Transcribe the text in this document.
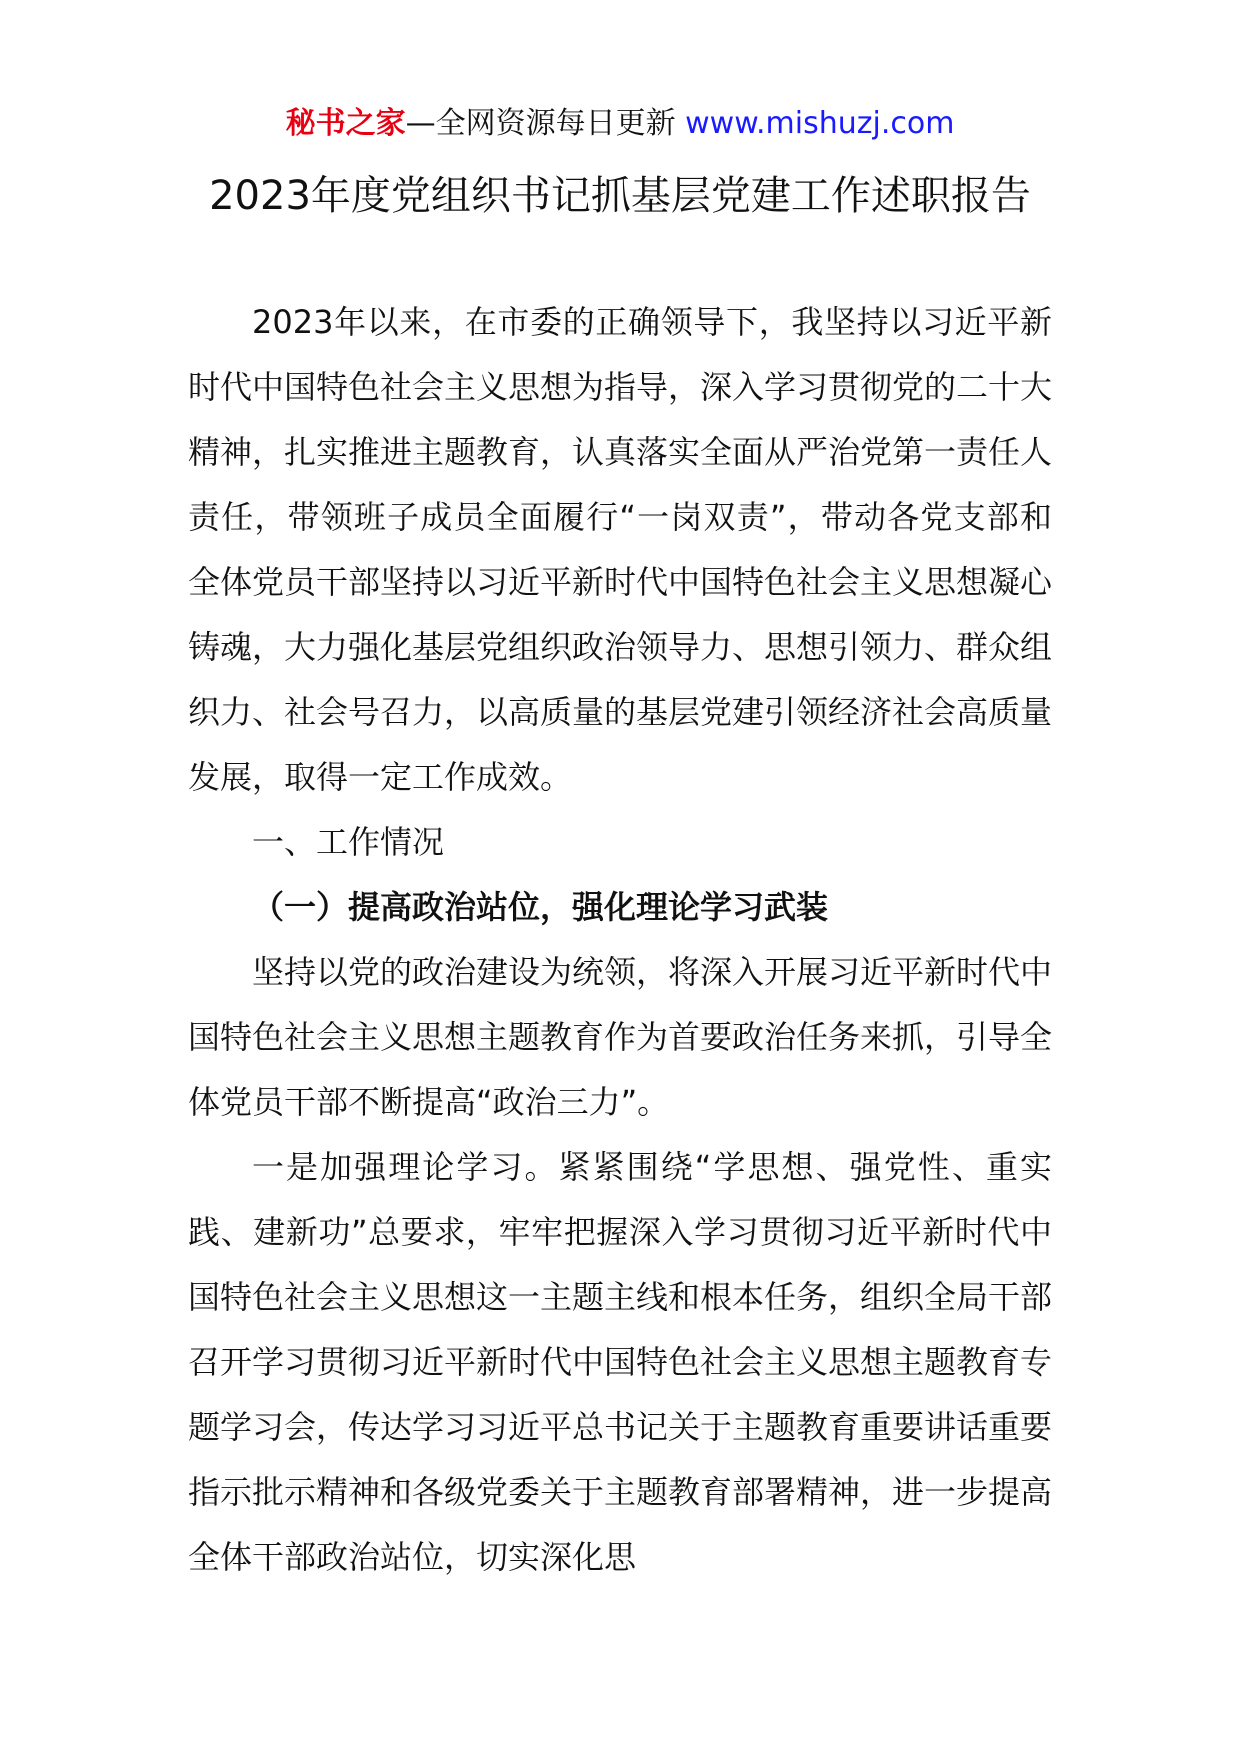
秘书之家—全网资源每日更新 www.mishuzj.com
2023年度党组织书记抓基层党建工作述职报告

2023年以来，在市委的正确领导下，我坚持以习近平新时代中国特色社会主义思想为指导，深入学习贯彻党的二十大精神，扎实推进主题教育，认真落实全面从严治党第一责任人责任，带领班子成员全面履行“一岗双责”，带动各党支部和全体党员干部坚持以习近平新时代中国特色社会主义思想凝心铸魂，大力强化基层党组织政治领导力、思想引领力、群众组织力、社会号召力，以高质量的基层党建引领经济社会高质量发展，取得一定工作成效。

一、工作情况

（一）提高政治站位，强化理论学习武装

坚持以党的政治建设为统领，将深入开展习近平新时代中国特色社会主义思想主题教育作为首要政治任务来抓，引导全体党员干部不断提高“政治三力”。

一是加强理论学习。紧紧围绕“学思想、强党性、重实践、建新功”总要求，牢牢把握深入学习贯彻习近平新时代中国特色社会主义思想这一主题主线和根本任务，组织全局干部召开学习贯彻习近平新时代中国特色社会主义思想主题教育专题学习会，传达学习习近平总书记关于主题教育重要讲话重要指示批示精神和各级党委关于主题教育部署精神，进一步提高全体干部政治站位，切实深化思
